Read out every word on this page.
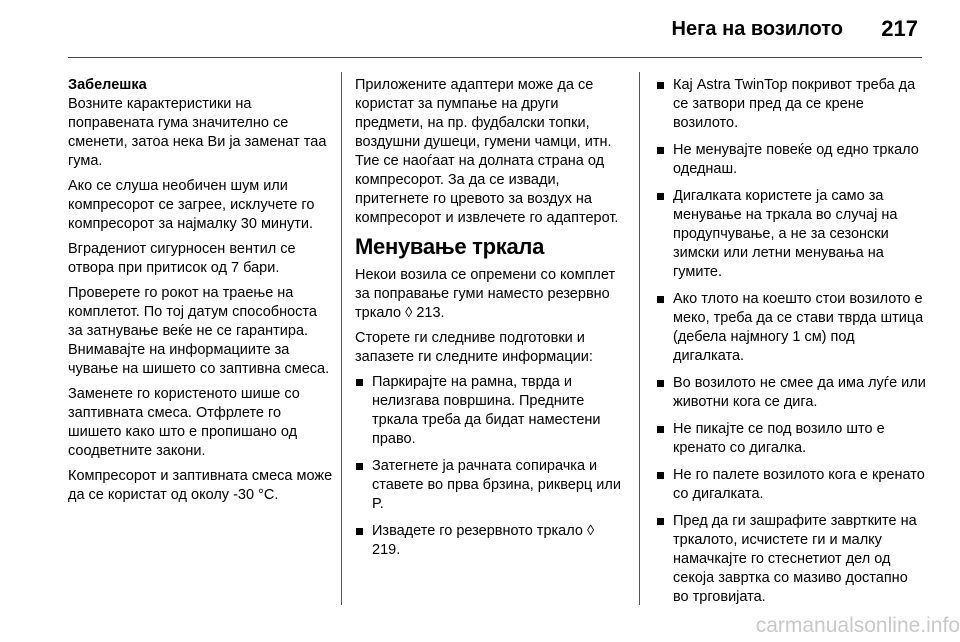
Нега на возилото 217

Забелешка

Возните карактеристики на поправената гума значително се сменети, затоа нека Ви ја заменат таа гума.

Ако се слуша необичен шум или компресорот се загрее, исклучете го компресорот за најмалку 30 минути.

Вградениот сигурносен вентил се отвора при притисок од 7 бари.

Проверете го рокот на траење на комплетот. По тој датум способноста за затнување веќе не се гарантира. Внимавајте на информациите за чување на шишето со заптивна смеса.

Заменете го користеното шише со заптивната смеса. Отфрлете го шишето како што е пропишано од соодветните закони.

Компресорот и заптивната смеса може да се користат од околу -30 °C.

Приложените адаптери може да се користат за пумпање на други предмети, на пр. фудбалски топки, воздушни душеци, гумени чамци, итн. Тие се наоѓаат на долната страна од компресорот. За да се извади, притегнете го цревото за воздух на компресорот и извлечете го адаптерот.

Менување тркала

Некои возила се опремени со комплет за поправање гуми наместо резервно тркало ◊ 213.

Сторете ги следниве подготовки и запазете ги следните информации:

Паркирајте на рамна, тврда и нелизгава површина. Предните тркала треба да бидат наместени право.
Затегнете ја рачната сопирачка и ставете во прва брзина, рикверц или P.
Извадете го резервното тркало ◊ 219.
Кај Astra TwinTop покривот треба да се затвори пред да се крене возилото.
Не менувајте повеќе од едно тркало одеднаш.
Дигалката користете ја само за менување на тркала во случај на продупчување, а не за сезонски зимски или летни менувања на гумите.
Ако тлото на коешто стои возилото е меко, треба да се стави тврда штица (дебела најмногу 1 см) под дигалката.
Во возилото не смее да има луѓе или животни кога се дига.
Не пикајте се под возило што е кренато со дигалка.
Не го палете возилото кога е кренато со дигалката.
Пред да ги зашрафите завртките на тркалото, исчистете ги и малку намачкајте го стеснетиот дел од секоја завртка со мазиво достапно во трговијата.
carmanualsonline.info
